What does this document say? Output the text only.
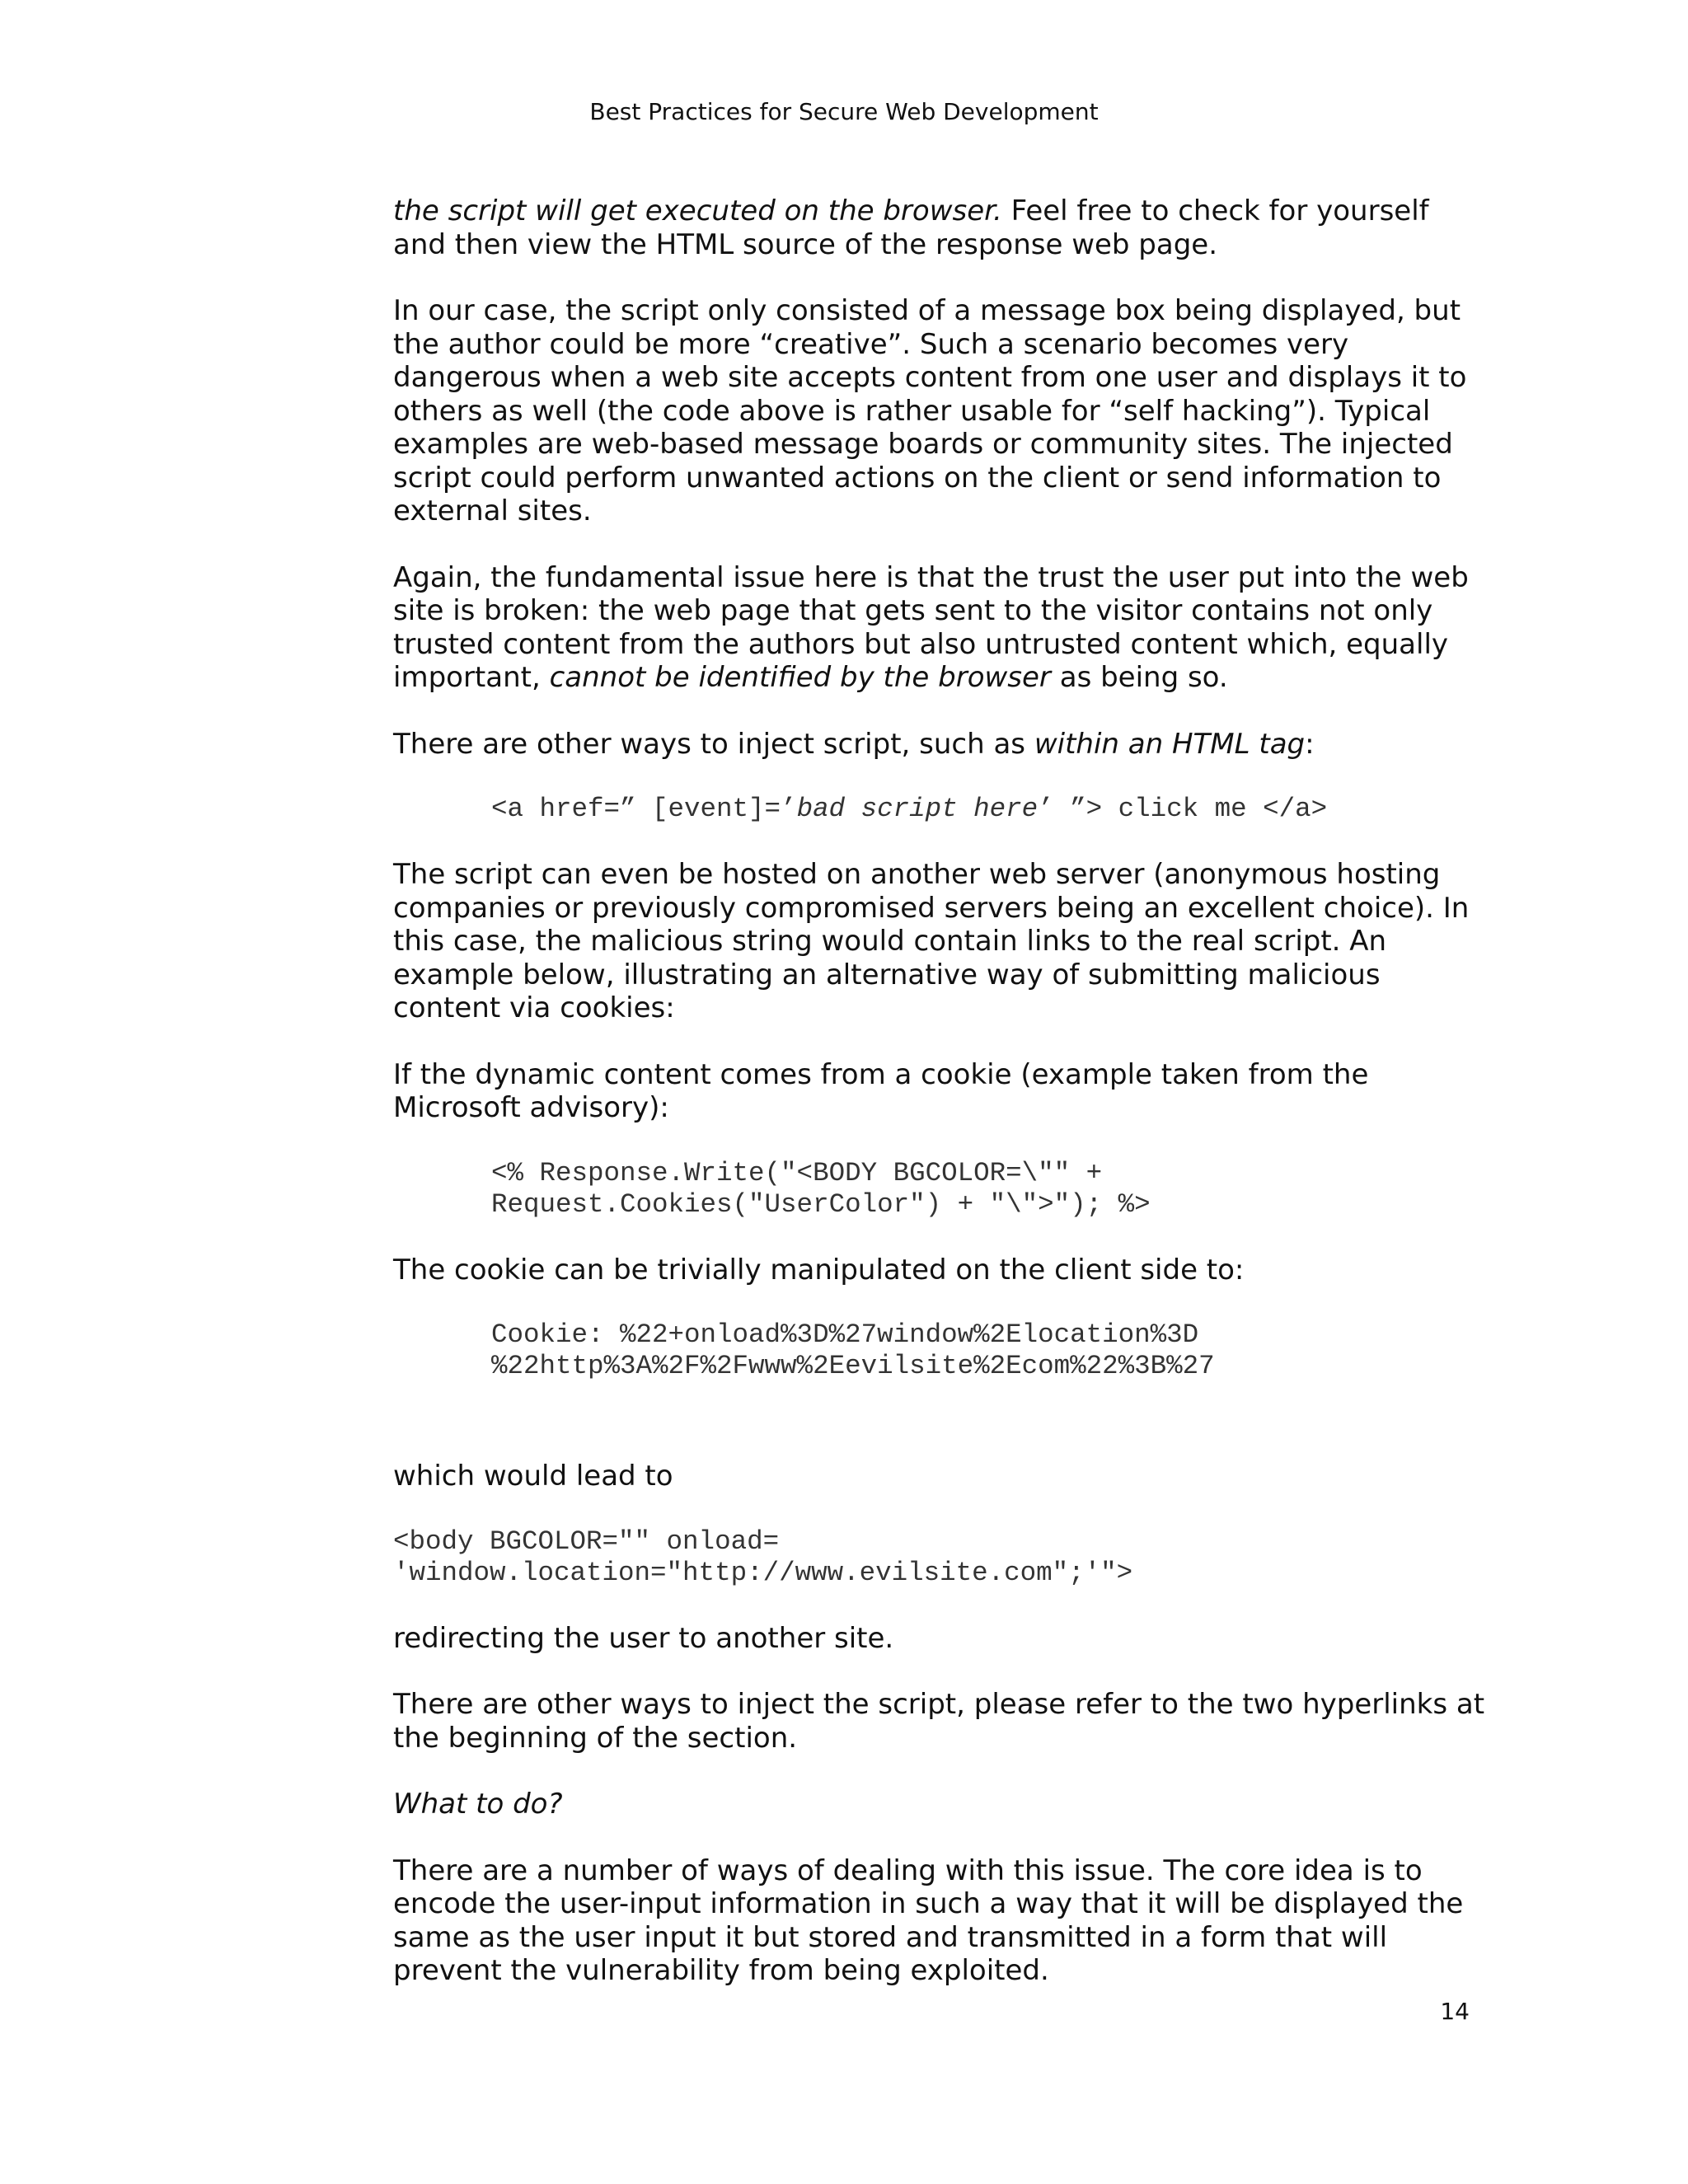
Best Practices for Secure Web Development

the script will get executed on the browser. Feel free to check for yourself and then view the HTML source of the response web page.

In our case, the script only consisted of a message box being displayed, but the author could be more “creative”. Such a scenario becomes very dangerous when a web site accepts content from one user and displays it to others as well (the code above is rather usable for “self hacking”). Typical examples are web-based message boards or community sites. The injected script could perform unwanted actions on the client or send information to external sites.

Again, the fundamental issue here is that the trust the user put into the web site is broken: the web page that gets sent to the visitor contains not only trusted content from the authors but also untrusted content which, equally important, cannot be identified by the browser as being so.

There are other ways to inject script, such as within an HTML tag:

<a href=” [event]=’bad script here’ ”> click me </a>

The script can even be hosted on another web server (anonymous hosting companies or previously compromised servers being an excellent choice). In this case, the malicious string would contain links to the real script. An example below, illustrating an alternative way of submitting malicious content via cookies:

If the dynamic content comes from a cookie (example taken from the Microsoft advisory):

<% Response.Write("<BODY BGCOLOR=\"" +
Request.Cookies("UserColor") + "\">"); %>

The cookie can be trivially manipulated on the client side to:

Cookie: %22+onload%3D%27window%2Elocation%3D
%22http%3A%2F%2Fwww%2Eevilsite%2Ecom%22%3B%27

which would lead to

<body BGCOLOR="" onload=
'window.location="http://www.evilsite.com";'">

redirecting the user to another site.

There are other ways to inject the script, please refer to the two hyperlinks at the beginning of the section.

What to do?

There are a number of ways of dealing with this issue. The core idea is to encode the user-input information in such a way that it will be displayed the same as the user input it but stored and transmitted in a form that will prevent the vulnerability from being exploited.

14
